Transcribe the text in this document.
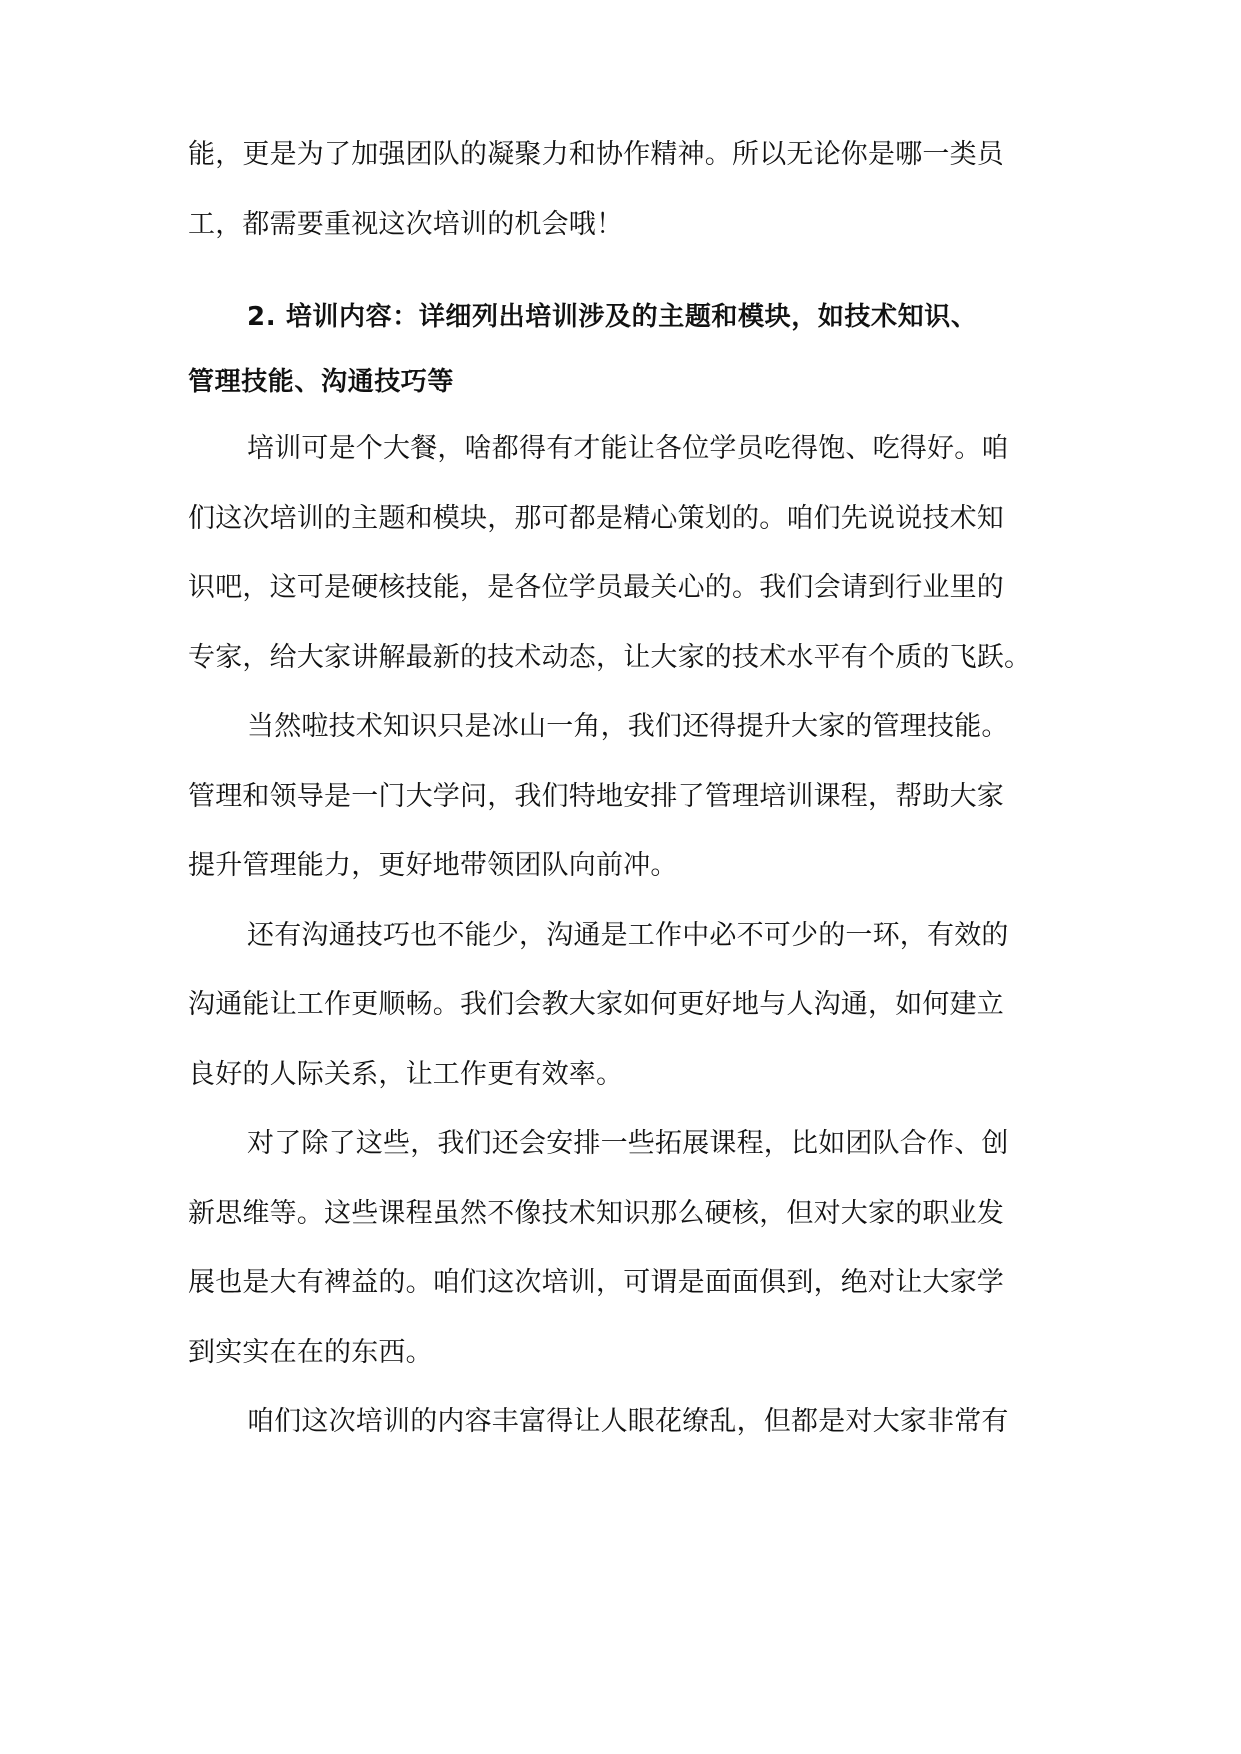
能，更是为了加强团队的凝聚力和协作精神。所以无论你是哪一类员
工，都需要重视这次培训的机会哦！
2. 培训内容：详细列出培训涉及的主题和模块，如技术知识、
管理技能、沟通技巧等
培训可是个大餐，啥都得有才能让各位学员吃得饱、吃得好。咱
们这次培训的主题和模块，那可都是精心策划的。咱们先说说技术知
识吧，这可是硬核技能，是各位学员最关心的。我们会请到行业里的
专家，给大家讲解最新的技术动态，让大家的技术水平有个质的飞跃。
当然啦技术知识只是冰山一角，我们还得提升大家的管理技能。
管理和领导是一门大学问，我们特地安排了管理培训课程，帮助大家
提升管理能力，更好地带领团队向前冲。
还有沟通技巧也不能少，沟通是工作中必不可少的一环，有效的
沟通能让工作更顺畅。我们会教大家如何更好地与人沟通，如何建立
良好的人际关系，让工作更有效率。
对了除了这些，我们还会安排一些拓展课程，比如团队合作、创
新思维等。这些课程虽然不像技术知识那么硬核，但对大家的职业发
展也是大有裨益的。咱们这次培训，可谓是面面俱到，绝对让大家学
到实实在在的东西。
咱们这次培训的内容丰富得让人眼花缭乱，但都是对大家非常有
